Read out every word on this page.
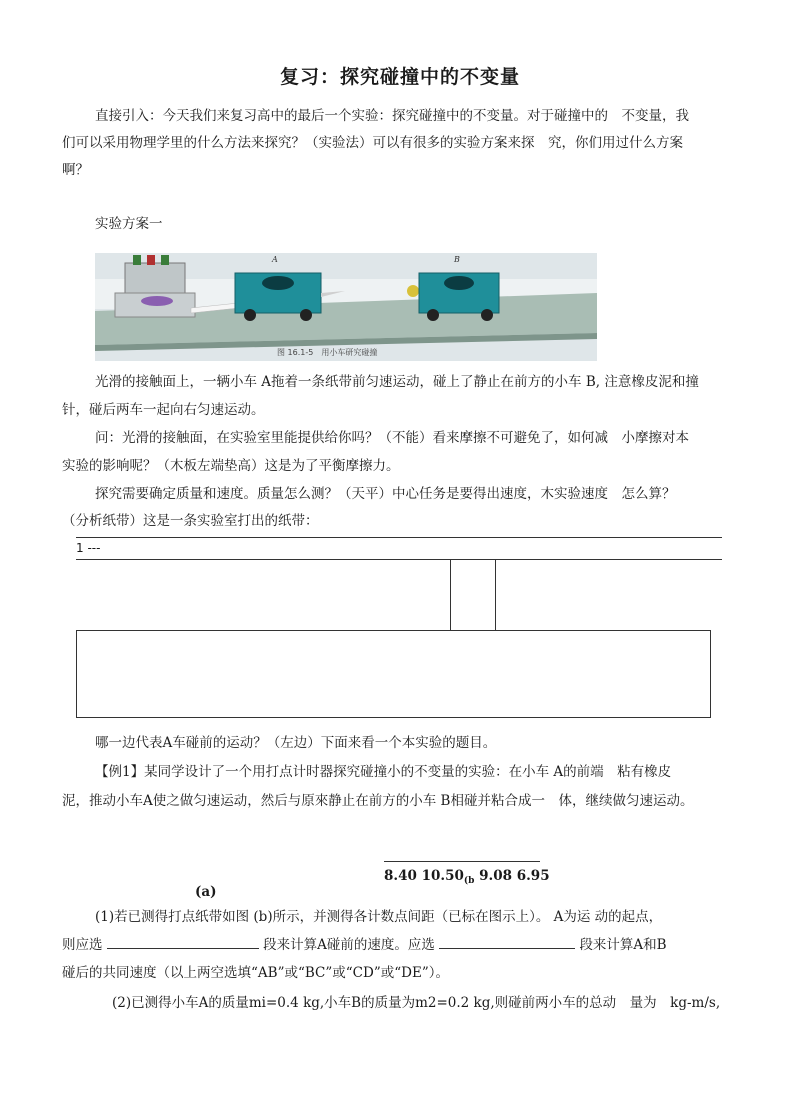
复习：探究碰撞中的不变量
直接引入：今天我们来复习高中的最后一个实验：探究碰撞中的不变量。对于碰撞中的　不变量，我
们可以采用物理学里的什么方法来探究？（实验法）可以有很多的实验方案来探　究，你们用过什么方案
啊？
实验方案一
A	B
图 16.1-5　用小车研究碰撞
光滑的接触面上，一辆小车 A拖着一条纸带前匀速运动，碰上了静止在前方的小车 B, 注意橡皮泥和撞
针，碰后两车一起向右匀速运动。
问：光滑的接触面，在实验室里能提供给你吗？（不能）看来摩擦不可避免了，如何减　小摩擦对本
实验的影响呢？（木板左端垫高）这是为了平衡摩擦力。
探究需要确定质量和速度。质量怎么测？（天平）中心任务是要得出速度，木实验速度　怎么算？
（分析纸带）这是一条实验室打出的纸带：
1 ---
哪一边代表A车碰前的运动？（左边）下面来看一个本实验的题目。
【例1】某同学设计了一个用打点计时器探究碰撞小的不变量的实验：在小车 A的前端　粘有橡皮
泥，推动小车A使之做匀速运动，然后与原來静止在前方的小车 B相碰并粘合成一　体，继续做匀速运动。
8.40 $10.50_{(b}$ 9.08 6.95
(a)
(1)若已测得打点纸带如图 (b)所示，并测得各计数点间距（已标在图示上）。 A为运 动的起点，
则应选	段来计算A碰前的速度。应选	段来计算A和B
碰后的共同速度（以上两空选填“AB”或“BC”或“CD”或“DE”）。
(2)已测得小车A的质量mi=0.4 kg,小车B的质量为m2=0.2 kg,则碰前两小车的总动　量为　kg-m/s,
